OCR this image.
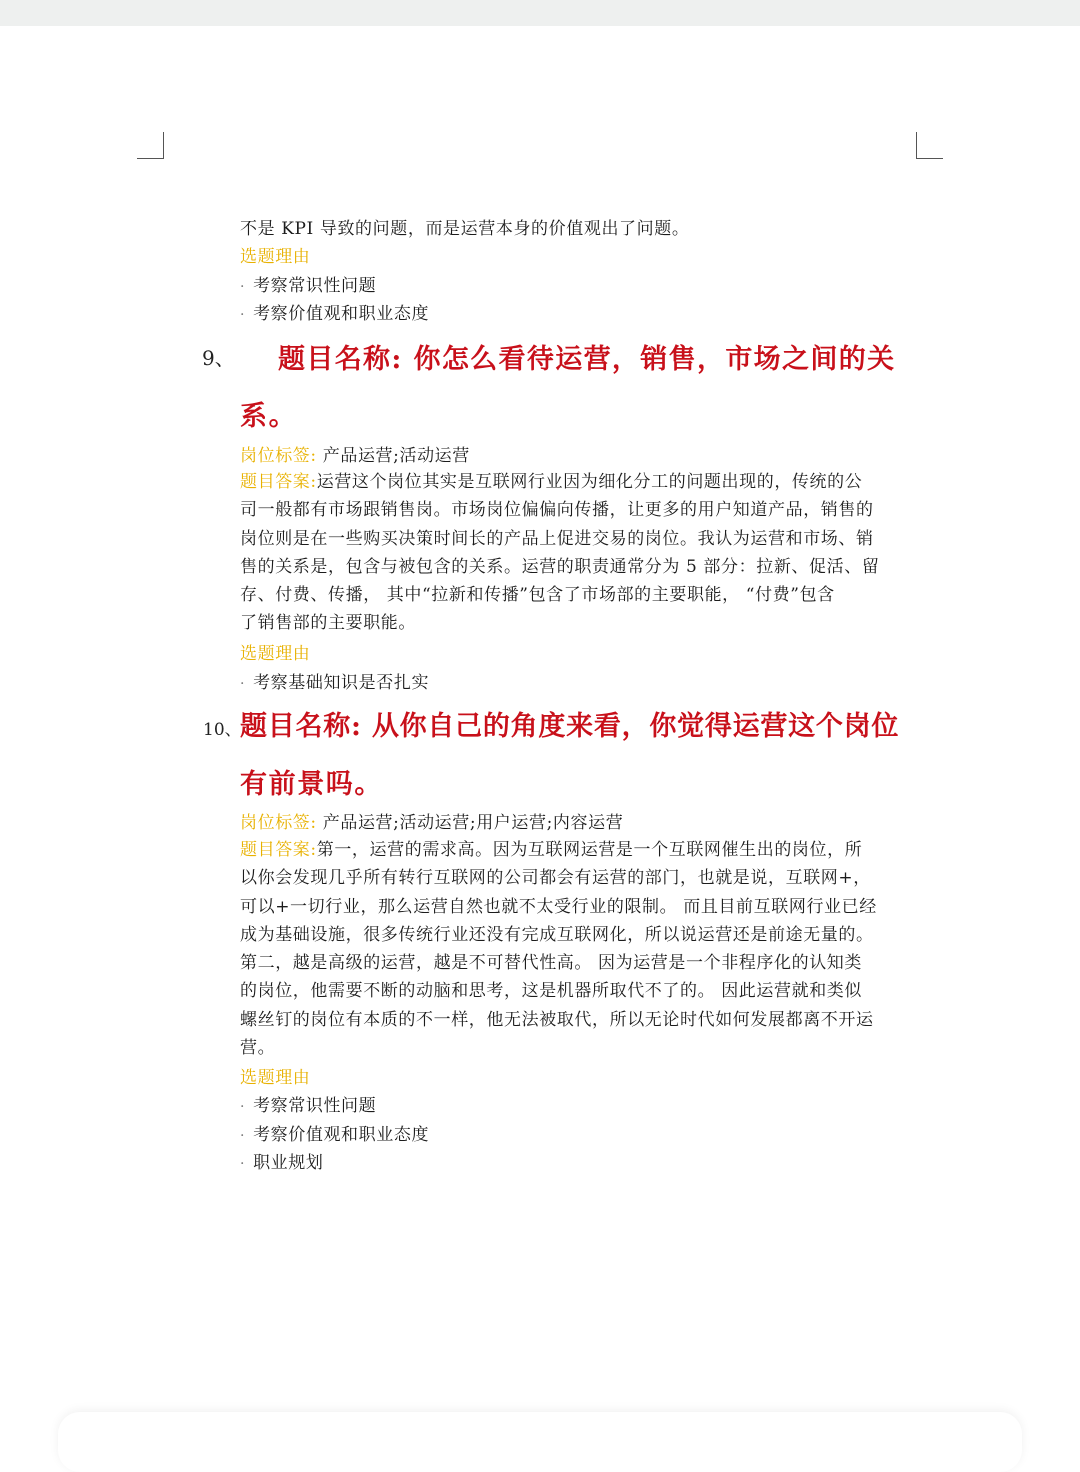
不是 KPI 导致的问题，而是运营本身的价值观出了问题。
选题理由
· 考察常识性问题
· 考察价值观和职业态度
9、 题目名称: 你怎么看待运营，销售，市场之间的关
系。
岗位标签: 产品运营;活动运营
题目答案:运营这个岗位其实是互联网行业因为细化分工的问题出现的，传统的公
司一般都有市场跟销售岗。市场岗位偏偏向传播，让更多的用户知道产品，销售的
岗位则是在一些购买决策时间长的产品上促进交易的岗位。我认为运营和市场、销
售的关系是，包含与被包含的关系。运营的职责通常分为 5 部分：拉新、促活、留
存、付费、传播， 其中“拉新和传播”包含了市场部的主要职能， “付费”包含
了销售部的主要职能。
选题理由
· 考察基础知识是否扎实
10、
题目名称: 从你自己的角度来看，你觉得运营这个岗位
有前景吗。
岗位标签: 产品运营;活动运营;用户运营;内容运营
题目答案:第一，运营的需求高。因为互联网运营是一个互联网催生出的岗位，所
以你会发现几乎所有转行互联网的公司都会有运营的部门，也就是说，互联网+，
可以+一切行业，那么运营自然也就不太受行业的限制。 而且目前互联网行业已经
成为基础设施，很多传统行业还没有完成互联网化，所以说运营还是前途无量的。
第二，越是高级的运营，越是不可替代性高。 因为运营是一个非程序化的认知类
的岗位，他需要不断的动脑和思考，这是机器所取代不了的。 因此运营就和类似
螺丝钉的岗位有本质的不一样，他无法被取代，所以无论时代如何发展都离不开运
营。
选题理由
· 考察常识性问题
· 考察价值观和职业态度
· 职业规划
